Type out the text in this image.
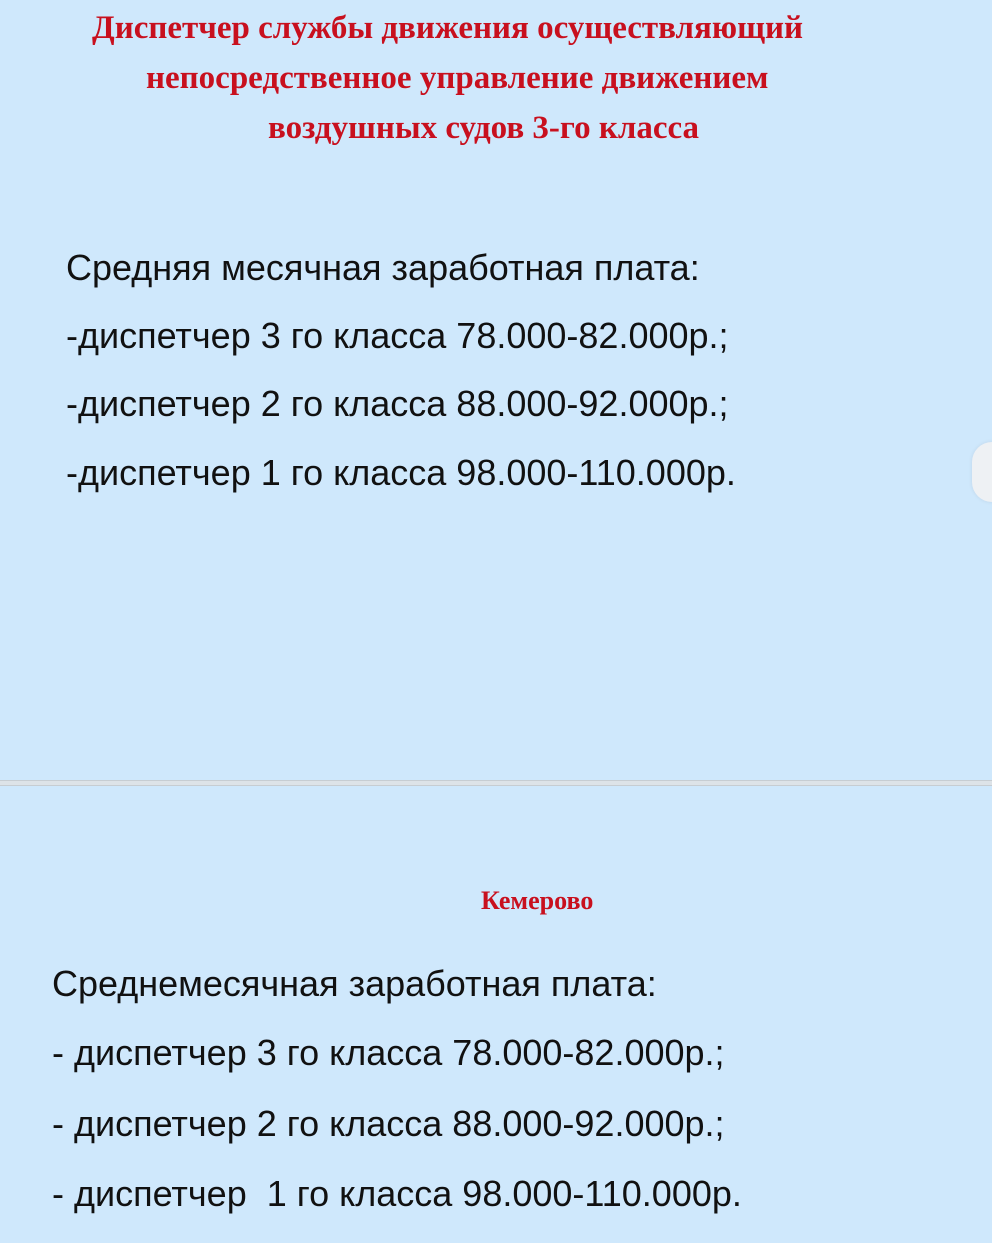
Диспетчер службы движения осуществляющий
непосредственное управление движением
воздушных судов 3-го класса
Средняя месячная заработная плата:
-диспетчер 3 го класса 78.000-82.000р.;
-диспетчер 2 го класса 88.000-92.000р.;
-диспетчер 1 го класса 98.000-110.000р.
Кемерово
Среднемесячная заработная плата:
- диспетчер 3 го класса 78.000-82.000р.;
- диспетчер 2 го класса 88.000-92.000р.;
- диспетчер  1 го класса 98.000-110.000р.
